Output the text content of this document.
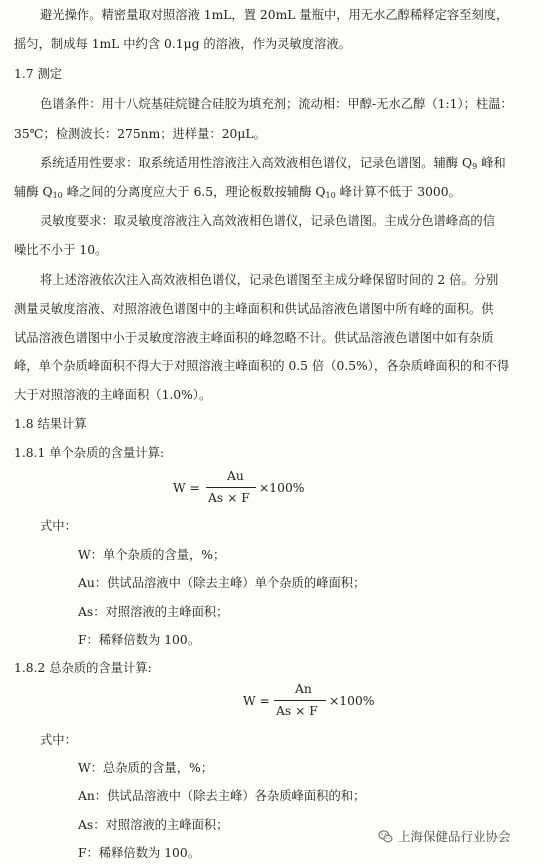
避光操作。精密量取对照溶液 1mL，置 20mL 量瓶中，用无水乙醇稀释定容至刻度，
摇匀，制成每 1mL 中约含 0.1μg 的溶液，作为灵敏度溶液。
1.7 测定
色谱条件：用十八烷基硅烷键合硅胶为填充剂；流动相：甲醇-无水乙醇（1:1）；柱温：
35℃；检测波长：275nm；进样量：20μL。
系统适用性要求：取系统适用性溶液注入高效液相色谱仪，记录色谱图。辅酶 $Q_9$ 峰和
辅酶 $Q_{10}$ 峰之间的分离度应大于 6.5，理论板数按辅酶 $Q_{10}$ 峰计算不低于 3000。
灵敏度要求：取灵敏度溶液注入高效液相色谱仪，记录色谱图。主成分色谱峰高的信
噪比不小于 10。
将上述溶液依次注入高效液相色谱仪，记录色谱图至主成分峰保留时间的 2 倍。分别
测量灵敏度溶液、对照溶液色谱图中的主峰面积和供试品溶液色谱图中所有峰的面积。供
试品溶液色谱图中小于灵敏度溶液主峰面积的峰忽略不计。供试品溶液色谱图中如有杂质
峰，单个杂质峰面积不得大于对照溶液主峰面积的 0.5 倍（0.5%），各杂质峰面积的和不得
大于对照溶液的主峰面积（1.0%）。
1.8 结果计算
1.8.1 单个杂质的含量计算:
W =
Au
As × F
×100%
式中：
W：单个杂质的含量，%；
Au：供试品溶液中（除去主峰）单个杂质的峰面积；
As：对照溶液的主峰面积；
F：稀释倍数为 100。
1.8.2 总杂质的含量计算:
W =
An
As × F
×100%
式中：
W：总杂质的含量，%；
An：供试品溶液中（除去主峰）各杂质峰面积的和；
As：对照溶液的主峰面积；
F：稀释倍数为 100。
上海保健品行业协会
